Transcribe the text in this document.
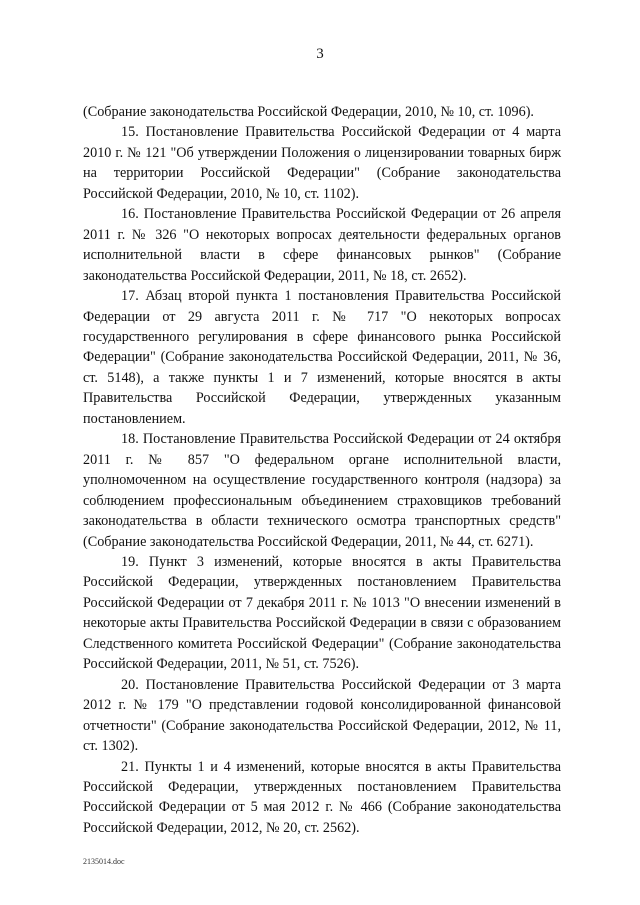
3

(Собрание законодательства Российской Федерации, 2010, № 10, ст. 1096).

15. Постановление Правительства Российской Федерации от 4 марта 2010 г. № 121 "Об утверждении Положения о лицензировании товарных бирж на территории Российской Федерации" (Собрание законодательства Российской Федерации, 2010, № 10, ст. 1102).

16. Постановление Правительства Российской Федерации от 26 апреля 2011 г. № 326 "О некоторых вопросах деятельности федеральных органов исполнительной власти в сфере финансовых рынков" (Собрание законодательства Российской Федерации, 2011, № 18, ст. 2652).

17. Абзац второй пункта 1 постановления Правительства Российской Федерации от 29 августа 2011 г. № 717 "О некоторых вопросах государственного регулирования в сфере финансового рынка Российской Федерации" (Собрание законодательства Российской Федерации, 2011, № 36, ст. 5148), а также пункты 1 и 7 изменений, которые вносятся в акты Правительства Российской Федерации, утвержденных указанным постановлением.

18. Постановление Правительства Российской Федерации от 24 октября 2011 г. № 857 "О федеральном органе исполнительной власти, уполномоченном на осуществление государственного контроля (надзора) за соблюдением профессиональным объединением страховщиков требований законодательства в области технического осмотра транспортных средств" (Собрание законодательства Российской Федерации, 2011, № 44, ст. 6271).

19. Пункт 3 изменений, которые вносятся в акты Правительства Российской Федерации, утвержденных постановлением Правительства Российской Федерации от 7 декабря 2011 г. № 1013 "О внесении изменений в некоторые акты Правительства Российской Федерации в связи с образованием Следственного комитета Российской Федерации" (Собрание законодательства Российской Федерации, 2011, № 51, ст. 7526).

20. Постановление Правительства Российской Федерации от 3 марта 2012 г. № 179 "О представлении годовой консолидированной финансовой отчетности" (Собрание законодательства Российской Федерации, 2012, № 11, ст. 1302).

21. Пункты 1 и 4 изменений, которые вносятся в акты Правительства Российской Федерации, утвержденных постановлением Правительства Российской Федерации от 5 мая 2012 г. № 466 (Собрание законодательства Российской Федерации, 2012, № 20, ст. 2562).

2135014.doc
